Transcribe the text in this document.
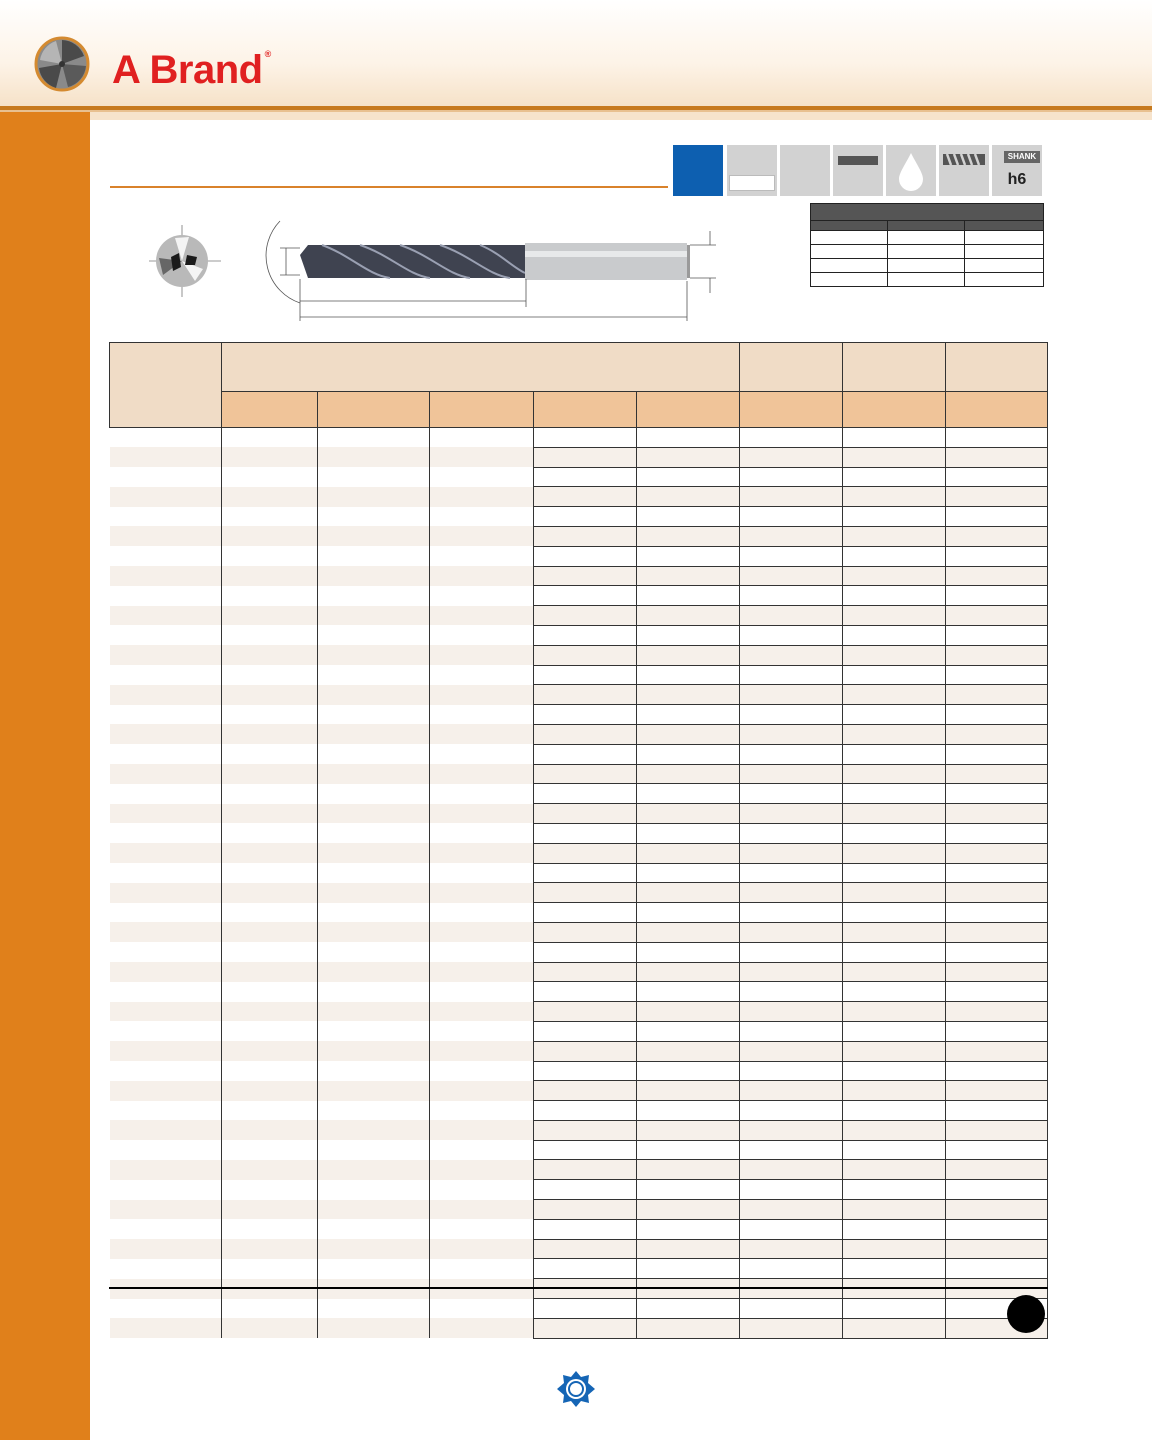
A Brand ®
SHANK
h6
